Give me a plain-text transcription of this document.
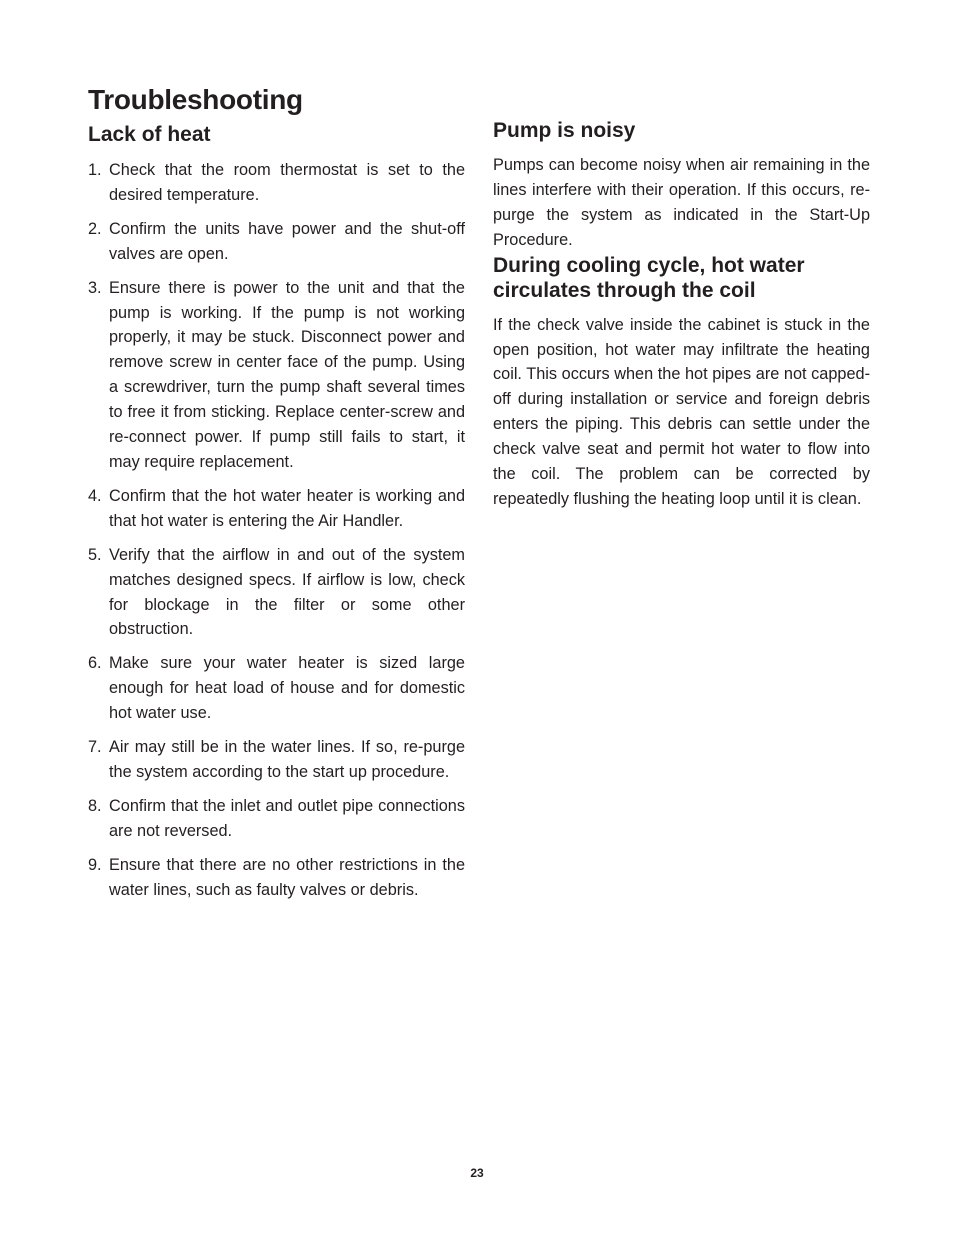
Troubleshooting
Lack of heat
1. Check that the room thermostat is set to the desired temperature.
2. Confirm the units have power and the shut-off valves are open.
3. Ensure there is power to the unit and that the pump is working. If the pump is not working properly, it may be stuck. Disconnect power and remove screw in center face of the pump. Using a screwdriver, turn the pump shaft several times to free it from sticking. Replace center-screw and re-connect power. If pump still fails to start, it may require replacement.
4. Confirm that the hot water heater is working and that hot water is entering the Air Handler.
5. Verify that the airflow in and out of the system matches designed specs. If airflow is low, check for blockage in the filter or some other obstruction.
6. Make sure your water heater is sized large enough for heat load of house and for domestic hot water use.
7. Air may still be in the water lines. If so, re-purge the system according to the start up procedure.
8. Confirm that the inlet and outlet pipe connections are not reversed.
9. Ensure that there are no other restrictions in the water lines, such as faulty valves or debris.
Pump is noisy

Pumps can become noisy when air remaining in the lines interfere with their operation. If this occurs, re-purge the system as indicated in the Start-Up Procedure.

During cooling cycle, hot water circulates through the coil

If the check valve inside the cabinet is stuck in the open position, hot water may infiltrate the heating coil. This occurs when the hot pipes are not capped-off during installation or service and foreign debris enters the piping. This debris can settle under the check valve seat and permit hot water to flow into the coil. The problem can be corrected by repeatedly flushing the heating loop until it is clean.

23
